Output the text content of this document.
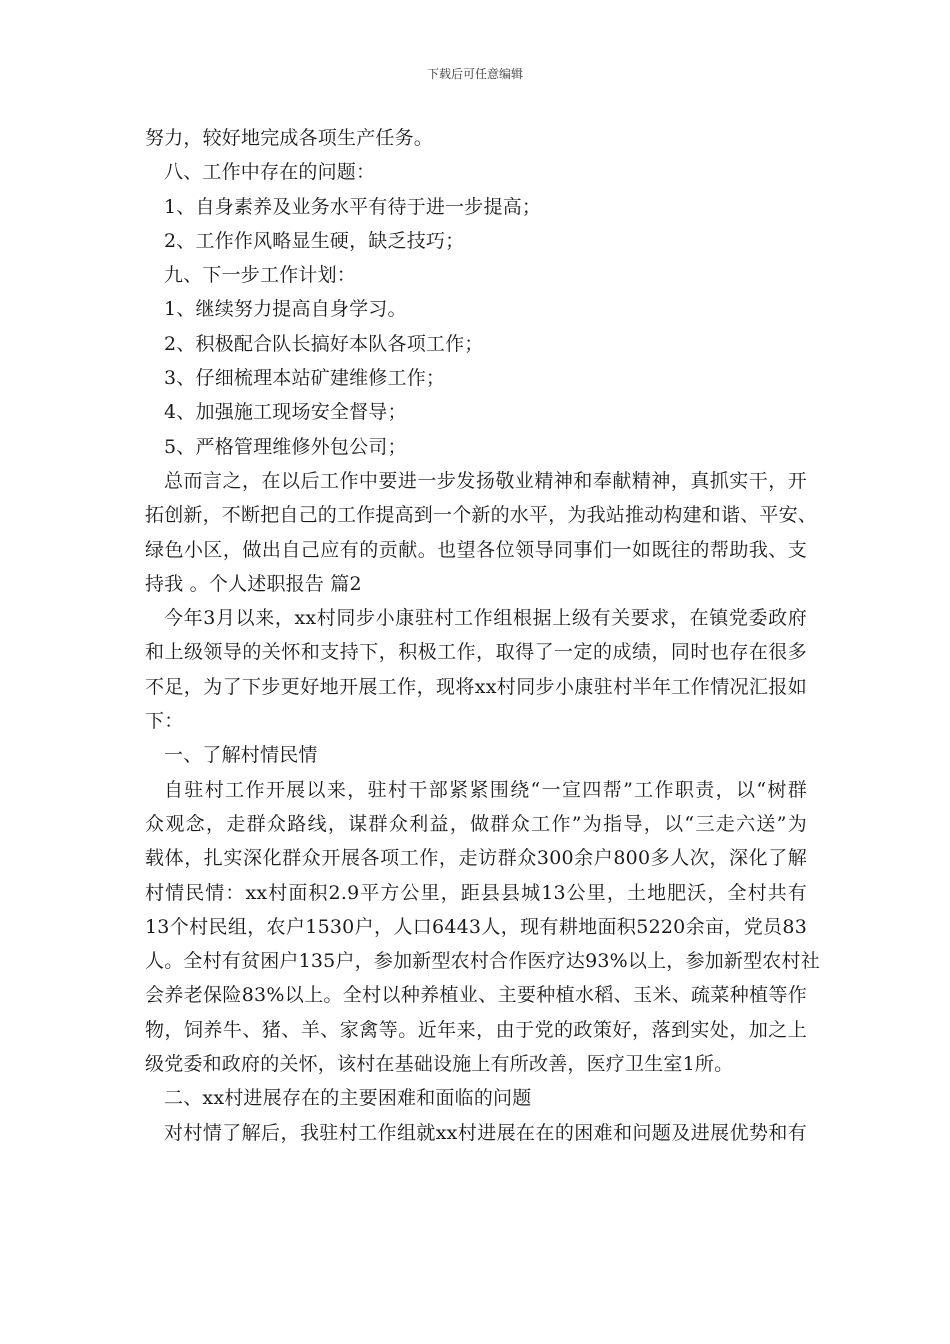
下载后可任意编辑

努力，较好地完成各项生产任务。

八、工作中存在的问题：

1、自身素养及业务水平有待于进一步提高；

2、工作作风略显生硬，缺乏技巧；

九、下一步工作计划：

1、继续努力提高自身学习。

2、积极配合队长搞好本队各项工作；

3、仔细梳理本站矿建维修工作；

4、加强施工现场安全督导；

5、严格管理维修外包公司；

总而言之，在以后工作中要进一步发扬敬业精神和奉献精神，真抓实干，开

拓创新，不断把自己的工作提高到一个新的水平，为我站推动构建和谐、平安、

绿色小区，做出自己应有的贡献。也望各位领导同事们一如既往的帮助我、支

持我 。个人述职报告 篇2

今年3月以来，xx村同步小康驻村工作组根据上级有关要求，在镇党委政府

和上级领导的关怀和支持下，积极工作，取得了一定的成绩，同时也存在很多

不足，为了下步更好地开展工作，现将xx村同步小康驻村半年工作情况汇报如

下：

一、了解村情民情

自驻村工作开展以来，驻村干部紧紧围绕“一宣四帮”工作职责，以“树群

众观念，走群众路线，谋群众利益，做群众工作”为指导，以“三走六送”为

载体，扎实深化群众开展各项工作，走访群众300余户800多人次，深化了解

村情民情：xx村面积2.9平方公里，距县县城13公里，土地肥沃，全村共有

13个村民组，农户1530户，人口6443人，现有耕地面积5220余亩，党员83

人。全村有贫困户135户，参加新型农村合作医疗达93%以上，参加新型农村社

会养老保险83%以上。全村以种养植业、主要种植水稻、玉米、疏菜种植等作

物，饲养牛、猪、羊、家禽等。近年来，由于党的政策好，落到实处，加之上

级党委和政府的关怀，该村在基础设施上有所改善，医疗卫生室1所。

二、xx村进展存在的主要困难和面临的问题

对村情了解后，我驻村工作组就xx村进展在在的困难和问题及进展优势和有
